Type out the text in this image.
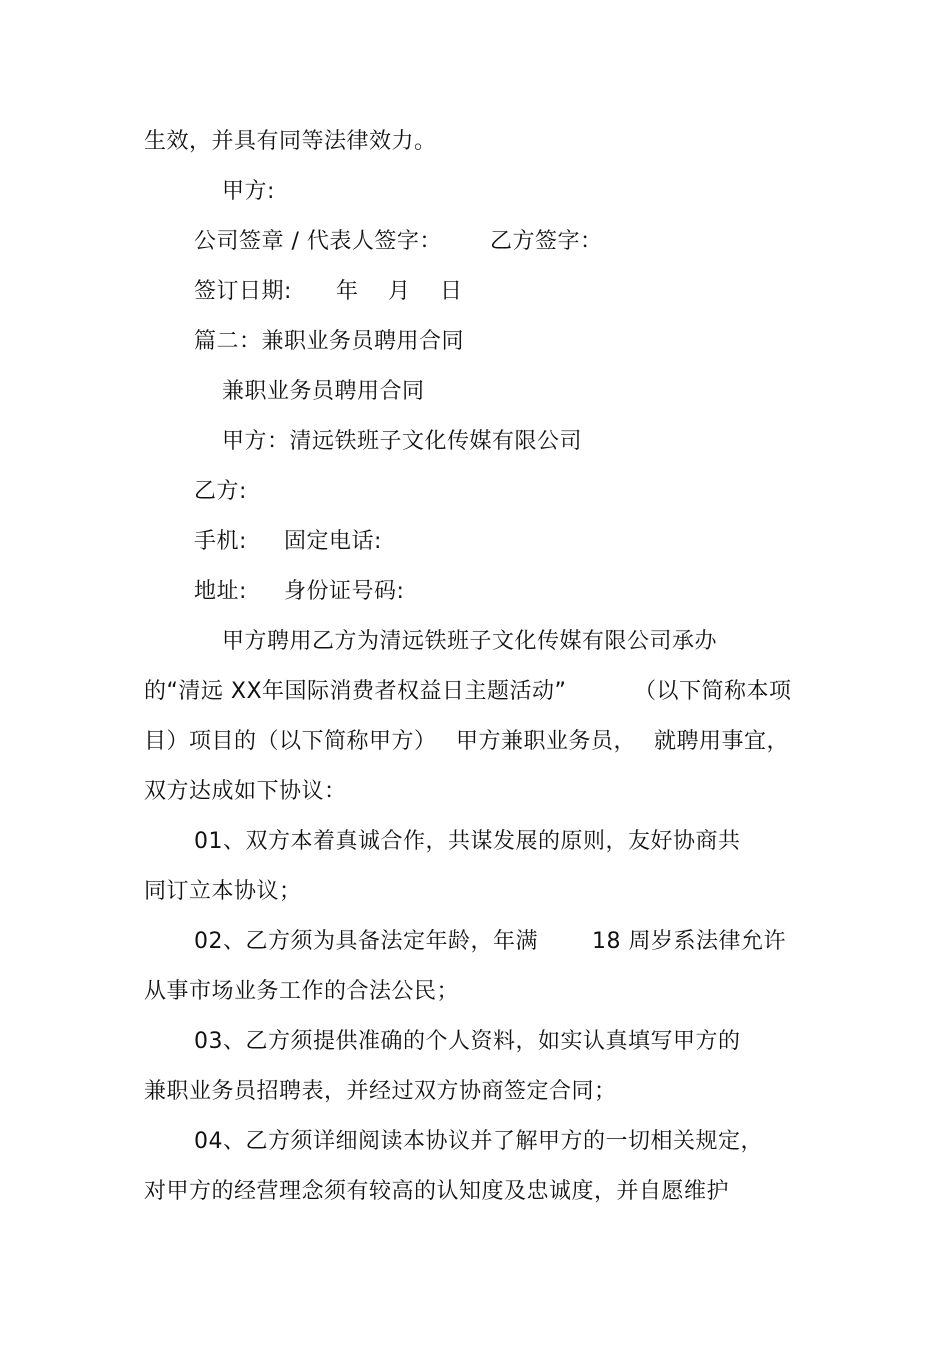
生效，并具有同等法律效力。
甲方:
公司签章 / 代表人签字： 乙方签字：
签订日期: 年 月 日
篇二：兼职业务员聘用合同
兼职业务员聘用合同
甲方：清远铁班子文化传媒有限公司
乙方:
手机: 固定电话:
地址: 身份证号码:
甲方聘用乙方为清远铁班子文化传媒有限公司承办
的“清远 XX年国际消费者权益日主题活动”	（以下简称本项
目）项目的（以下简称甲方） 甲方兼职业务员， 就聘用事宜，
双方达成如下协议：
01、双方本着真诚合作，共谋发展的原则，友好协商共
同订立本协议；
02、乙方须为具备法定年龄，年满 18 周岁系法律允许
从事市场业务工作的合法公民；
03、乙方须提供准确的个人资料，如实认真填写甲方的
兼职业务员招聘表，并经过双方协商签定合同；
04、乙方须详细阅读本协议并了解甲方的一切相关规定，
对甲方的经营理念须有较高的认知度及忠诚度，并自愿维护
